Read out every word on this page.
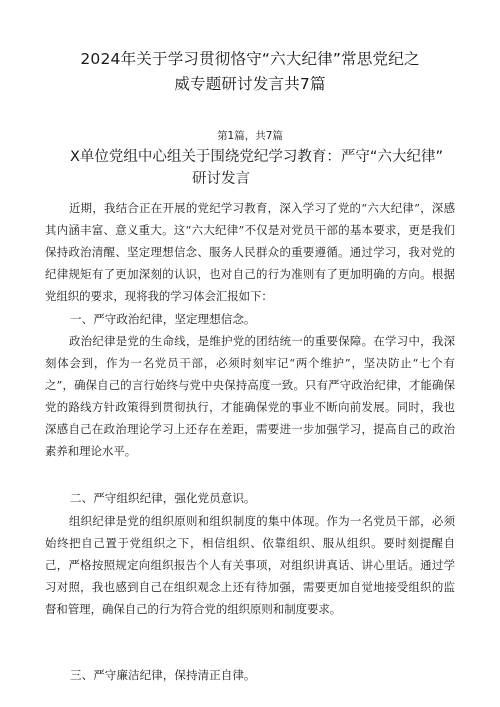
2024年关于学习贯彻恪守“六大纪律”常思党纪之
威专题研讨发言共7篇
第1篇，共7篇
X单位党组中心组关于围绕党纪学习教育：严守“六大纪律”
研讨发言

近期，我结合正在开展的党纪学习教育，深入学习了党的“六大纪律”，深感其内涵丰富、意义重大。这“六大纪律”不仅是对党员干部的基本要求，更是我们保持政治清醒、坚定理想信念、服务人民群众的重要遵循。通过学习，我对党的纪律规矩有了更加深刻的认识，也对自己的行为准则有了更加明确的方向。根据党组织的要求，现将我的学习体会汇报如下：

一、严守政治纪律，坚定理想信念。

政治纪律是党的生命线，是维护党的团结统一的重要保障。在学习中，我深刻体会到，作为一名党员干部，必须时刻牢记“两个维护”，坚决防止“七个有之”，确保自己的言行始终与党中央保持高度一致。只有严守政治纪律，才能确保党的路线方针政策得到贯彻执行，才能确保党的事业不断向前发展。同时，我也深感自己在政治理论学习上还存在差距，需要进一步加强学习，提高自己的政治素养和理论水平。

二、严守组织纪律，强化党员意识。

组织纪律是党的组织原则和组织制度的集中体现。作为一名党员干部，必须始终把自己置于党组织之下，相信组织、依靠组织、服从组织。要时刻提醒自己，严格按照规定向组织报告个人有关事项，对组织讲真话、讲心里话。通过学习对照，我也感到自己在组织观念上还有待加强，需要更加自觉地接受组织的监督和管理，确保自己的行为符合党的组织原则和制度要求。

三、严守廉洁纪律，保持清正自律。
